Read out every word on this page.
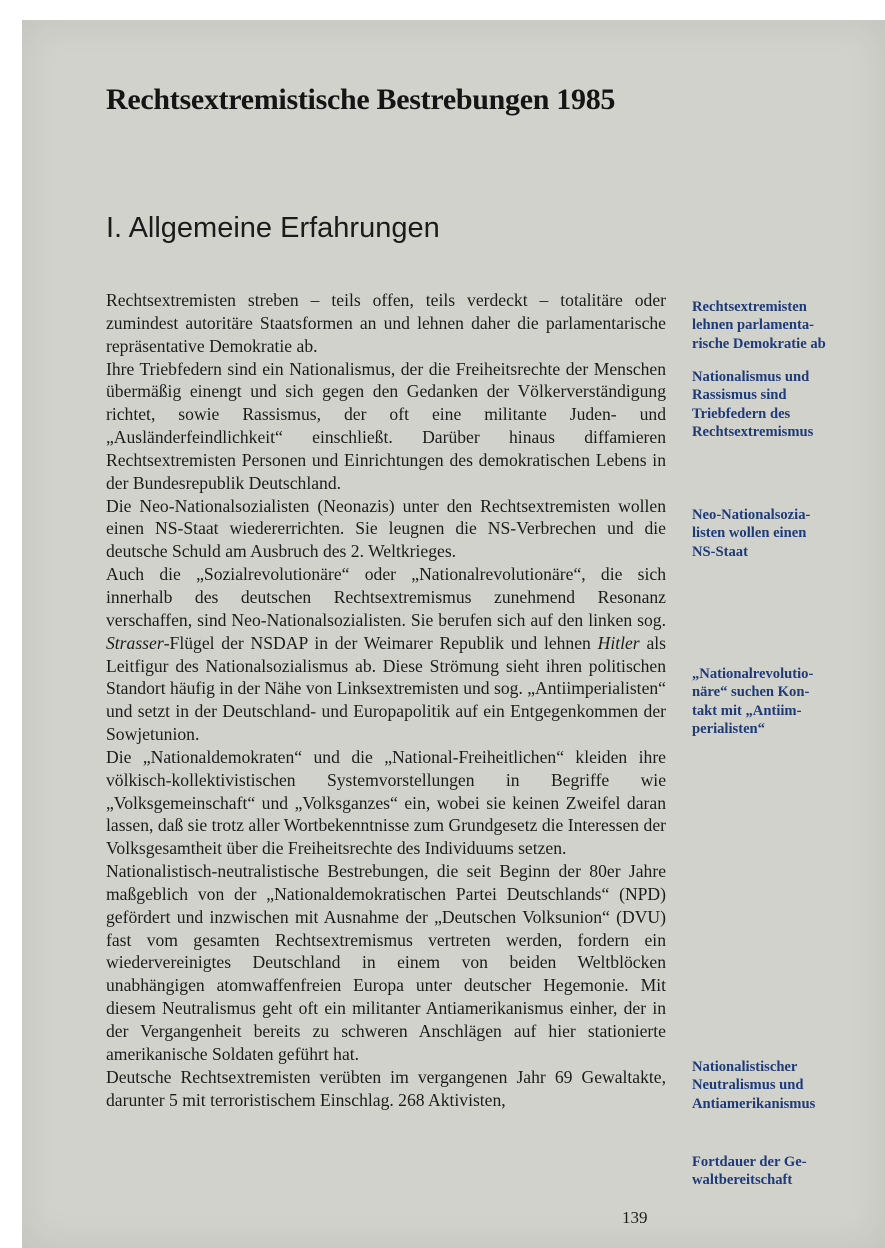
Rechtsextremistische Bestrebungen 1985
I. Allgemeine Erfahrungen

Rechtsextremisten streben – teils offen, teils verdeckt – totalitäre oder zumindest autoritäre Staatsformen an und lehnen daher die parlamentarische repräsentative Demokratie ab.

Ihre Triebfedern sind ein Nationalismus, der die Freiheitsrechte der Menschen übermäßig einengt und sich gegen den Gedanken der Völkerverständigung richtet, sowie Rassismus, der oft eine militante Juden- und „Ausländerfeindlichkeit“ einschließt. Darüber hinaus diffamieren Rechtsextremisten Personen und Einrichtungen des demokratischen Lebens in der Bundesrepublik Deutschland.

Die Neo-Nationalsozialisten (Neonazis) unter den Rechtsextremisten wollen einen NS-Staat wiedererrichten. Sie leugnen die NS-Verbrechen und die deutsche Schuld am Ausbruch des 2. Weltkrieges.

Auch die „Sozialrevolutionäre“ oder „Nationalrevolutionäre“, die sich innerhalb des deutschen Rechtsextremismus zunehmend Resonanz verschaffen, sind Neo-Nationalsozialisten. Sie berufen sich auf den linken sog. Strasser-Flügel der NSDAP in der Weimarer Republik und lehnen Hitler als Leitfigur des Nationalsozialismus ab. Diese Strömung sieht ihren politischen Standort häufig in der Nähe von Linksextremisten und sog. „Antiimperialisten“ und setzt in der Deutschland- und Europapolitik auf ein Entgegenkommen der Sowjetunion.

Die „Nationaldemokraten“ und die „National-Freiheitlichen“ kleiden ihre völkisch-kollektivistischen Systemvorstellungen in Begriffe wie „Volksgemeinschaft“ und „Volksganzes“ ein, wobei sie keinen Zweifel daran lassen, daß sie trotz aller Wortbekenntnisse zum Grundgesetz die Interessen der Volksgesamtheit über die Freiheitsrechte des Individuums setzen.

Nationalistisch-neutralistische Bestrebungen, die seit Beginn der 80er Jahre maßgeblich von der „Nationaldemokratischen Partei Deutschlands“ (NPD) gefördert und inzwischen mit Ausnahme der „Deutschen Volksunion“ (DVU) fast vom gesamten Rechtsextremismus vertreten werden, fordern ein wiedervereinigtes Deutschland in einem von beiden Weltblöcken unabhängigen atomwaffenfreien Europa unter deutscher Hegemonie. Mit diesem Neutralismus geht oft ein militanter Antiamerikanismus einher, der in der Vergangenheit bereits zu schweren Anschlägen auf hier stationierte amerikanische Soldaten geführt hat.

Deutsche Rechtsextremisten verübten im vergangenen Jahr 69 Gewaltakte, darunter 5 mit terroristischem Einschlag. 268 Aktivisten,

Rechtsextremisten
lehnen parlamenta-
rische Demokratie ab
Nationalismus und
Rassismus sind
Triebfedern des
Rechtsextremismus
Neo-Nationalsozia-
listen wollen einen
NS-Staat
„Nationalrevolutio-
näre“ suchen Kon-
takt mit „Antiim-
perialisten“
Nationalistischer
Neutralismus und
Antiamerikanismus
Fortdauer der Ge-
waltbereitschaft
139
